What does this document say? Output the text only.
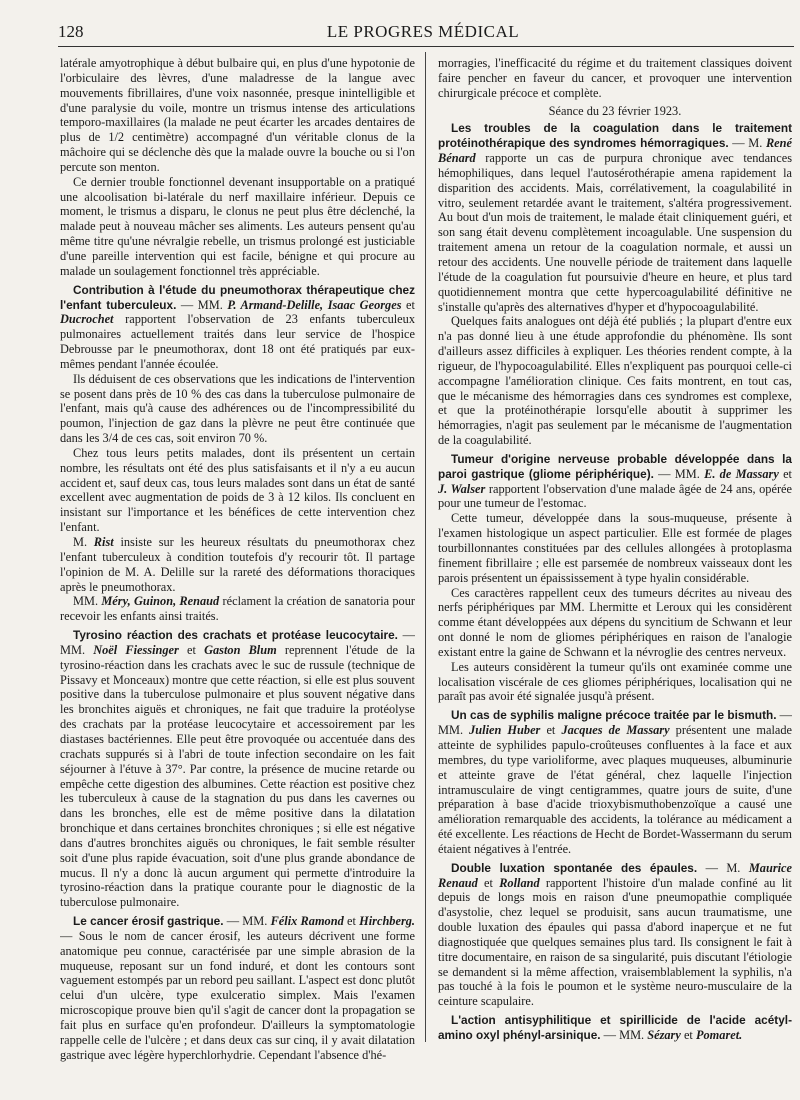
128	LE PROGRES MÉDICAL

latérale amyotrophique à début bulbaire qui, en plus d'une hypotonie de l'orbiculaire des lèvres, d'une maladresse de la langue avec mouvements fibrillaires, d'une voix nasonnée, presque inintelligible et d'une paralysie du voile, montre un trismus intense des articulations temporo-maxillaires (la malade ne peut écarter les arcades dentaires de plus de 1/2 centimètre) accompagné d'un véritable clonus de la mâchoire qui se déclenche dès que la malade ouvre la bouche ou si l'on percute son menton.

Ce dernier trouble fonctionnel devenant insupportable on a pratiqué une alcoolisation bi-latérale du nerf maxillaire inférieur. Depuis ce moment, le trismus a disparu, le clonus ne peut plus être déclenché, la malade peut à nouveau mâcher ses aliments. Les auteurs pensent qu'au même titre qu'une névralgie rebelle, un trismus prolongé est justiciable d'une pareille intervention qui est facile, bénigne et qui procure au malade un soulagement fonctionnel très appréciable.

Contribution à l'étude du pneumothorax thérapeutique chez l'enfant tuberculeux. — MM. P. Armand-Delille, Isaac Georges et Ducrochet rapportent l'observation de 23 enfants tuberculeux pulmonaires actuellement traités dans leur service de l'hospice Debrousse par le pneumothorax, dont 18 ont été pratiqués par eux-mêmes pendant l'année écoulée.

Ils déduisent de ces observations que les indications de l'intervention se posent dans près de 10 % des cas dans la tuberculose pulmonaire de l'enfant, mais qu'à cause des adhérences ou de l'incompressibilité du poumon, l'injection de gaz dans la plèvre ne peut être continuée que dans les 3/4 de ces cas, soit environ 70 %.

Chez tous leurs petits malades, dont ils présentent un certain nombre, les résultats ont été des plus satisfaisants et il n'y a eu aucun accident et, sauf deux cas, tous leurs malades sont dans un état de santé excellent avec augmentation de poids de 3 à 12 kilos. Ils concluent en insistant sur l'importance et les bénéfices de cette intervention chez l'enfant.

M. Rist insiste sur les heureux résultats du pneumothorax chez l'enfant tuberculeux à condition toutefois d'y recourir tôt. Il partage l'opinion de M. A. Delille sur la rareté des déformations thoraciques après le pneumothorax.

MM. Méry, Guinon, Renaud réclament la création de sanatoria pour recevoir les enfants ainsi traités.

Tyrosino réaction des crachats et protéase leucocytaire. — MM. Noël Fiessinger et Gaston Blum reprennent l'étude de la tyrosino-réaction dans les crachats avec le suc de russule (technique de Pissavy et Monceaux) montre que cette réaction, si elle est plus souvent positive dans la tuberculose pulmonaire et plus souvent négative dans les bronchites aiguës et chroniques, ne fait que traduire la protéolyse des crachats par la protéase leucocytaire et accessoirement par les diastases bactériennes. Elle peut être provoquée ou accentuée dans des crachats suppurés si à l'abri de toute infection secondaire on les fait séjourner à l'étuve à 37°. Par contre, la présence de mucine retarde ou empêche cette digestion des albumines. Cette réaction est positive chez les tuberculeux à cause de la stagnation du pus dans les cavernes ou dans les bronches, elle est de même positive dans la dilatation bronchique et dans certaines bronchites chroniques ; si elle est négative dans d'autres bronchites aiguës ou chroniques, le fait semble résulter soit d'une plus rapide évacuation, soit d'une plus grande abondance de mucus. Il n'y a donc là aucun argument qui permette d'introduire la tyrosino-réaction dans la pratique courante pour le diagnostic de la tuberculose pulmonaire.

Le cancer érosif gastrique. — MM. Félix Ramond et Hirchberg. — Sous le nom de cancer érosif, les auteurs décrivent une forme anatomique peu connue, caractérisée par une simple abrasion de la muqueuse, reposant sur un fond induré, et dont les contours sont vaguement estompés par un rebord peu saillant. L'aspect est donc plutôt celui d'un ulcère, type exulceratio simplex. Mais l'examen microscopique prouve bien qu'il s'agit de cancer dont la propagation se fait plus en surface qu'en profondeur. D'ailleurs la symptomatologie rappelle celle de l'ulcère ; et dans deux cas sur cinq, il y avait dilatation gastrique avec légère hyperchlorhydrie. Cependant l'absence d'hé-

morragies, l'inefficacité du régime et du traitement classiques doivent faire pencher en faveur du cancer, et provoquer une intervention chirurgicale précoce et complète.

Séance du 23 février 1923.

Les troubles de la coagulation dans le traitement protéinothérapique des syndromes hémorragiques. — M. René Bénard rapporte un cas de purpura chronique avec tendances hémophiliques, dans lequel l'autosérothérapie amena rapidement la disparition des accidents. Mais, corrélativement, la coagulabilité in vitro, seulement retardée avant le traitement, s'altéra progressivement. Au bout d'un mois de traitement, le malade était cliniquement guéri, et son sang était devenu complètement incoagulable. Une suspension du traitement amena un retour de la coagulation normale, et aussi un retour des accidents. Une nouvelle période de traitement dans laquelle l'étude de la coagulation fut poursuivie d'heure en heure, et plus tard quotidiennement montra que cette hypercoagulabilité définitive ne s'installe qu'après des alternatives d'hyper et d'hypocoagulabilité.

Quelques faits analogues ont déjà été publiés ; la plupart d'entre eux n'a pas donné lieu à une étude approfondie du phénomène. Ils sont d'ailleurs assez difficiles à expliquer. Les théories rendent compte, à la rigueur, de l'hypocoagulabilité. Elles n'expliquent pas pourquoi celle-ci accompagne l'amélioration clinique. Ces faits montrent, en tout cas, que le mécanisme des hémorragies dans ces syndromes est complexe, et que la protéinothérapie lorsqu'elle aboutit à supprimer les hémorragies, n'agit pas seulement par le mécanisme de l'augmentation de la coagulabilité.

Tumeur d'origine nerveuse probable développée dans la paroi gastrique (gliome périphérique). — MM. E. de Massary et J. Walser rapportent l'observation d'une malade âgée de 24 ans, opérée pour une tumeur de l'estomac.

Cette tumeur, développée dans la sous-muqueuse, présente à l'examen histologique un aspect particulier. Elle est formée de plages tourbillonnantes constituées par des cellules allongées à protoplasma finement fibrillaire ; elle est parsemée de nombreux vaisseaux dont les parois présentent un épaississement à type hyalin considérable.

Ces caractères rappellent ceux des tumeurs décrites au niveau des nerfs périphériques par MM. Lhermitte et Leroux qui les considèrent comme étant développées aux dépens du syncitium de Schwann et leur ont donné le nom de gliomes périphériques en raison de l'analogie existant entre la gaine de Schwann et la névroglie des centres nerveux.

Les auteurs considèrent la tumeur qu'ils ont examinée comme une localisation viscérale de ces gliomes périphériques, localisation qui ne paraît pas avoir été signalée jusqu'à présent.

Un cas de syphilis maligne précoce traitée par le bismuth. — MM. Julien Huber et Jacques de Massary présentent une malade atteinte de syphilides papulo-croûteuses confluentes à la face et aux membres, du type varioliforme, avec plaques muqueuses, albuminurie et atteinte grave de l'état général, chez laquelle l'injection intramusculaire de vingt centigrammes, quatre jours de suite, d'une préparation à base d'acide trioxybismuthobenzoïque a causé une amélioration remarquable des accidents, la tolérance au médicament a été excellente. Les réactions de Hecht de Bordet-Wassermann du serum étaient négatives à l'entrée.

Double luxation spontanée des épaules. — M. Maurice Renaud et Rolland rapportent l'histoire d'un malade confiné au lit depuis de longs mois en raison d'une pneumopathie compliquée d'asystolie, chez lequel se produisit, sans aucun traumatisme, une double luxation des épaules qui passa d'abord inaperçue et ne fut diagnostiquée que quelques semaines plus tard. Ils consignent le fait à titre documentaire, en raison de sa singularité, puis discutant l'étiologie se demandent si la même affection, vraisemblablement la syphilis, n'a pas touché à la fois le poumon et le système neuro-musculaire de la ceinture scapulaire.

L'action antisyphilitique et spirillicide de l'acide acétyl-amino oxyl phényl-arsinique. — MM. Sézary et Pomaret.
